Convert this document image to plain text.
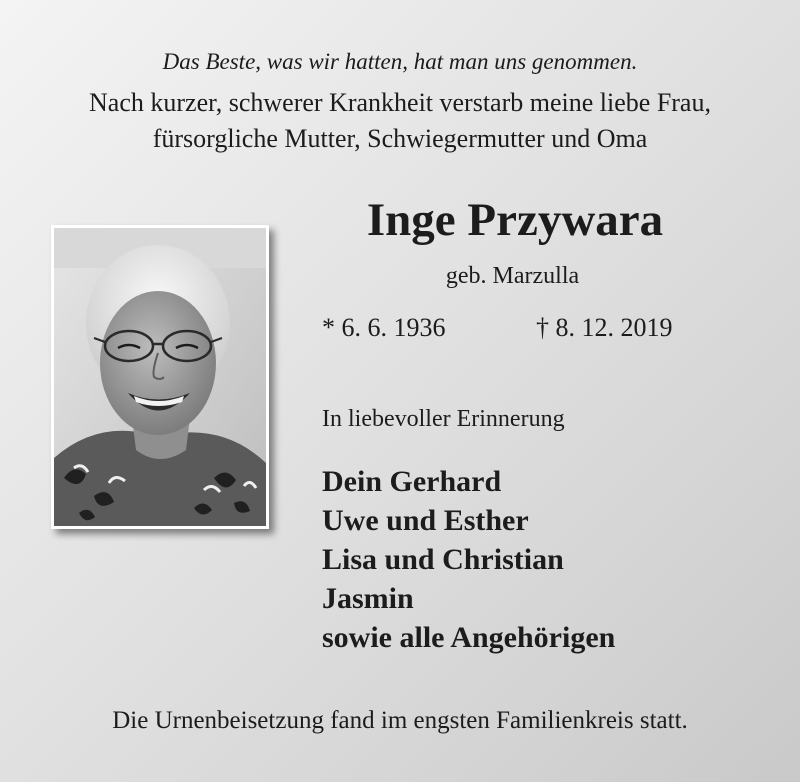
Das Beste, was wir hatten, hat man uns genommen.
Nach kurzer, schwerer Krankheit verstarb meine liebe Frau,
fürsorgliche Mutter, Schwiegermutter und Oma
Inge Przywara
geb. Marzulla
* 6. 6. 1936	† 8. 12. 2019
In liebevoller Erinnerung
Dein Gerhard
Uwe und Esther
Lisa und Christian
Jasmin
sowie alle Angehörigen
Die Urnenbeisetzung fand im engsten Familienkreis statt.
